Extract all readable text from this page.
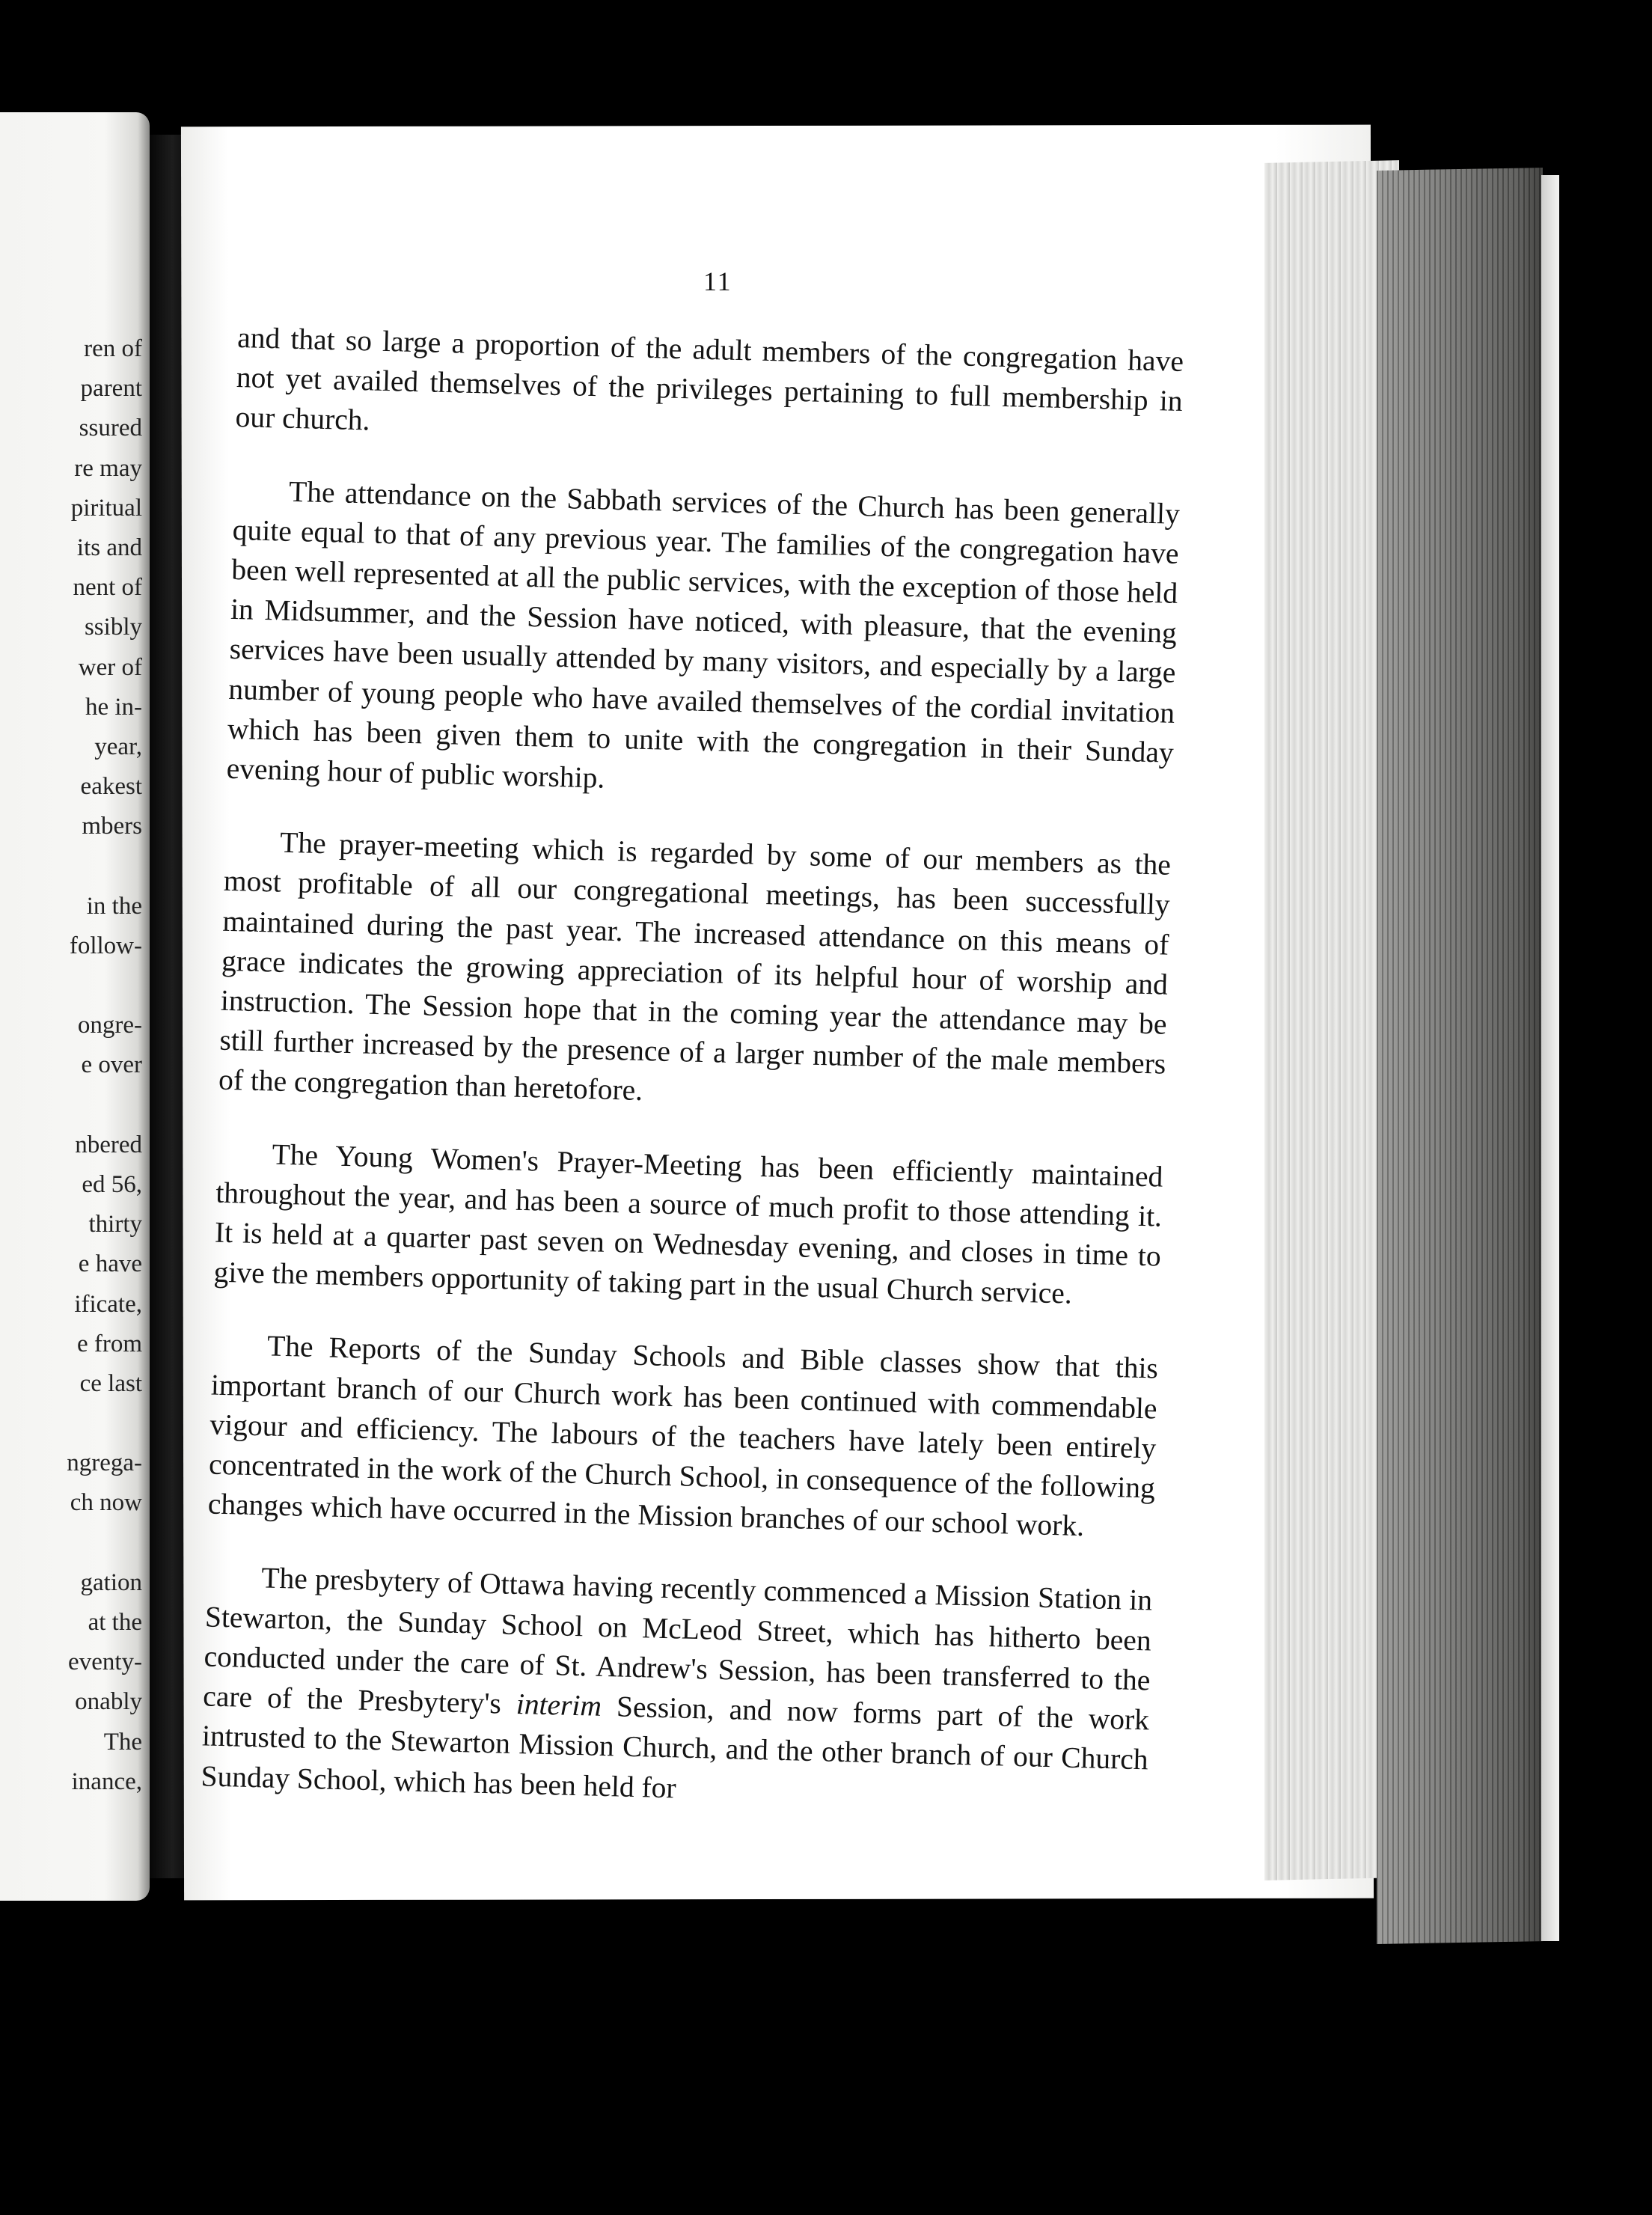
ren of
parent
ssured
re may
piritual
its and
nent of
ssibly
wer of
he in-
year,
eakest
mbers
in the
follow-
ongre-
e over
nbered
ed 56,
thirty
e have
ificate,
e from
ce last
ngrega-
ch now
gation
at the
eventy-
onably
The
inance,
11

and that so large a proportion of the adult members of the congregation have not yet availed themselves of the privileges pertaining to full membership in our church.

The attendance on the Sabbath services of the Church has been generally quite equal to that of any previous year. The families of the congregation have been well represented at all the public services, with the exception of those held in Midsummer, and the Session have noticed, with pleasure, that the evening services have been usually attended by many visitors, and especially by a large number of young people who have availed themselves of the cordial invitation which has been given them to unite with the congregation in their Sunday evening hour of public worship.

The prayer-meeting which is regarded by some of our members as the most profitable of all our congregational meetings, has been successfully maintained during the past year. The increased attendance on this means of grace indicates the growing appreciation of its helpful hour of worship and instruction. The Session hope that in the coming year the attendance may be still further increased by the presence of a larger number of the male members of the congregation than heretofore.

The Young Women's Prayer-Meeting has been efficiently maintained throughout the year, and has been a source of much profit to those attending it. It is held at a quarter past seven on Wednesday evening, and closes in time to give the members opportunity of taking part in the usual Church service.

The Reports of the Sunday Schools and Bible classes show that this important branch of our Church work has been continued with commendable vigour and efficiency. The labours of the teachers have lately been entirely concentrated in the work of the Church School, in consequence of the following changes which have occurred in the Mission branches of our school work.

The presbytery of Ottawa having recently commenced a Mission Station in Stewarton, the Sunday School on McLeod Street, which has hitherto been conducted under the care of St. Andrew's Session, has been transferred to the care of the Presbytery's interim Session, and now forms part of the work intrusted to the Stewarton Mission Church, and the other branch of our Church Sunday School, which has been held for
